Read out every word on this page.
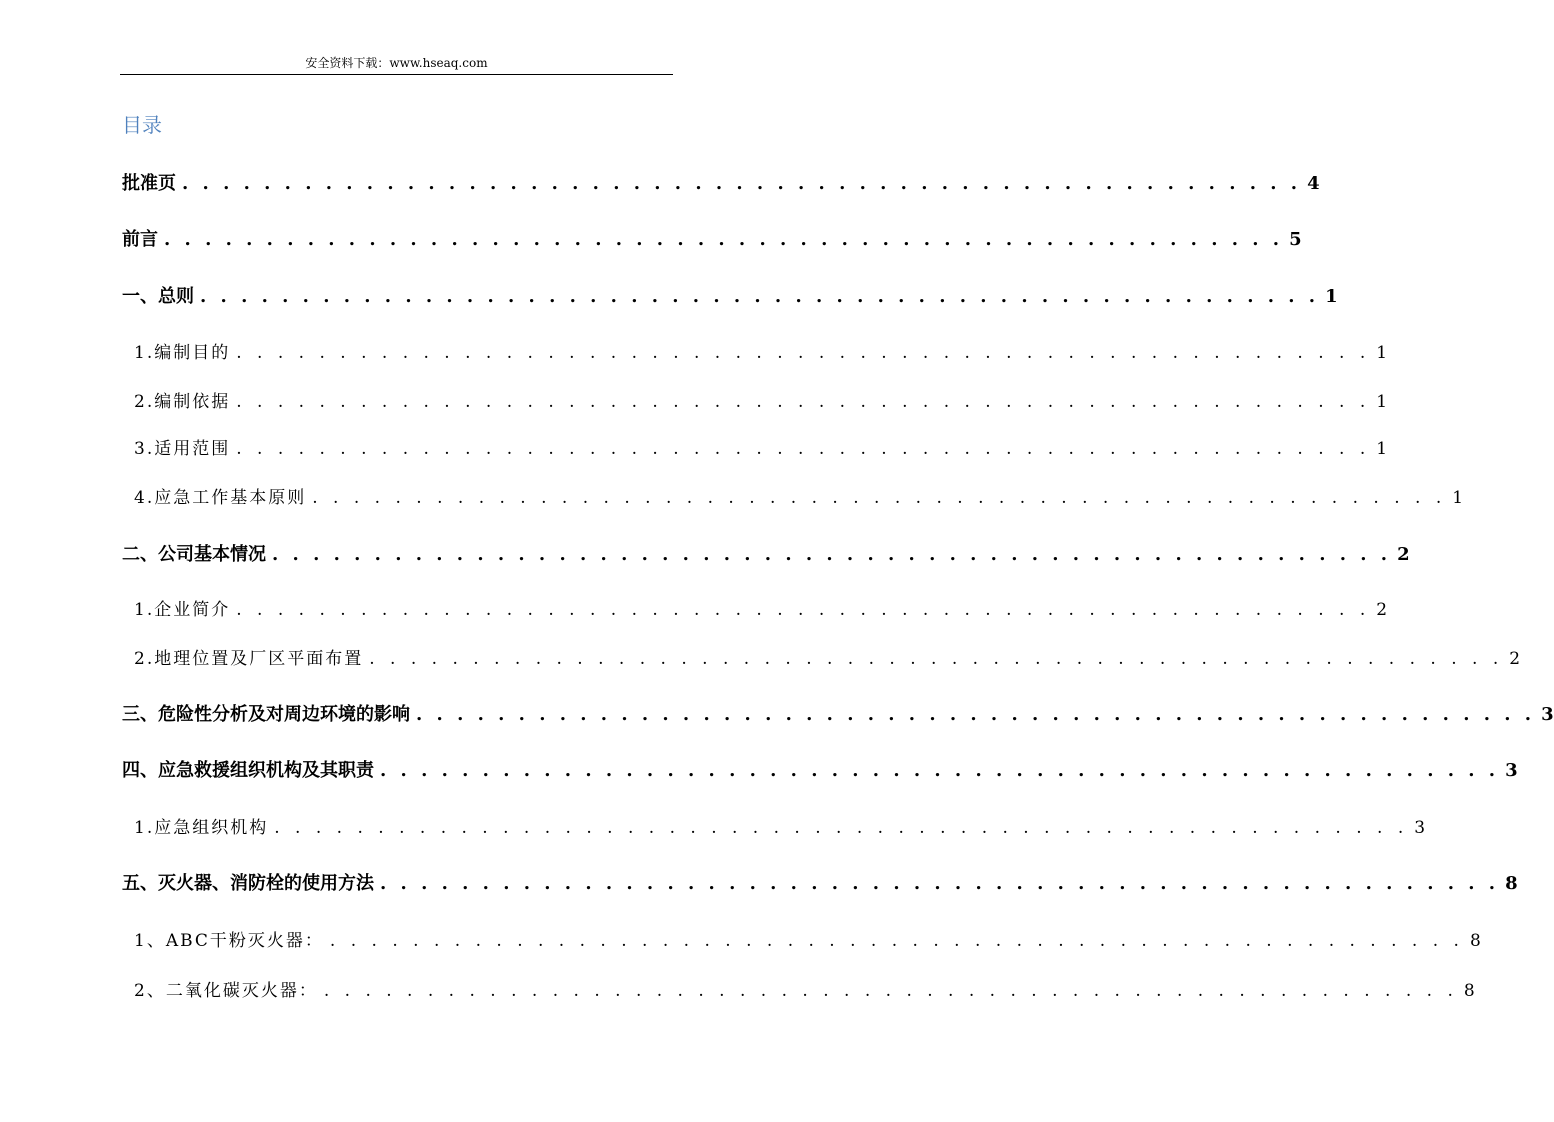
安全资料下载：www.hseaq.com
目录
批准页 . . . . . . . . . . . . . . . . . . . . . . . . . . . . . . . . . . . . . . . . . . . . . . . . . . . . . . . 4
前言 . . . . . . . . . . . . . . . . . . . . . . . . . . . . . . . . . . . . . . . . . . . . . . . . . . . . . . . 5
一、总则 . . . . . . . . . . . . . . . . . . . . . . . . . . . . . . . . . . . . . . . . . . . . . . . . . . . . . . . 1
1.编制目的 . . . . . . . . . . . . . . . . . . . . . . . . . . . . . . . . . . . . . . . . . . . . . . . . . . . . . . . 1
2.编制依据 . . . . . . . . . . . . . . . . . . . . . . . . . . . . . . . . . . . . . . . . . . . . . . . . . . . . . . . 1
3.适用范围 . . . . . . . . . . . . . . . . . . . . . . . . . . . . . . . . . . . . . . . . . . . . . . . . . . . . . . . 1
4.应急工作基本原则 . . . . . . . . . . . . . . . . . . . . . . . . . . . . . . . . . . . . . . . . . . . . . . . . . . . . . . . 1
二、公司基本情况 . . . . . . . . . . . . . . . . . . . . . . . . . . . . . . . . . . . . . . . . . . . . . . . . . . . . . . . 2
1.企业简介 . . . . . . . . . . . . . . . . . . . . . . . . . . . . . . . . . . . . . . . . . . . . . . . . . . . . . . . 2
2.地理位置及厂区平面布置 . . . . . . . . . . . . . . . . . . . . . . . . . . . . . . . . . . . . . . . . . . . . . . . . . . . . . . . 2
三、危险性分析及对周边环境的影响 . . . . . . . . . . . . . . . . . . . . . . . . . . . . . . . . . . . . . . . . . . . . . . . . . . . . . . . 3
四、应急救援组织机构及其职责 . . . . . . . . . . . . . . . . . . . . . . . . . . . . . . . . . . . . . . . . . . . . . . . . . . . . . . . 3
1.应急组织机构 . . . . . . . . . . . . . . . . . . . . . . . . . . . . . . . . . . . . . . . . . . . . . . . . . . . . . . . 3
五、灭火器、消防栓的使用方法 . . . . . . . . . . . . . . . . . . . . . . . . . . . . . . . . . . . . . . . . . . . . . . . . . . . . . . . 8
1、ABC干粉灭火器： . . . . . . . . . . . . . . . . . . . . . . . . . . . . . . . . . . . . . . . . . . . . . . . . . . . . . . . 8
2、二氧化碳灭火器： . . . . . . . . . . . . . . . . . . . . . . . . . . . . . . . . . . . . . . . . . . . . . . . . . . . . . . . 8
